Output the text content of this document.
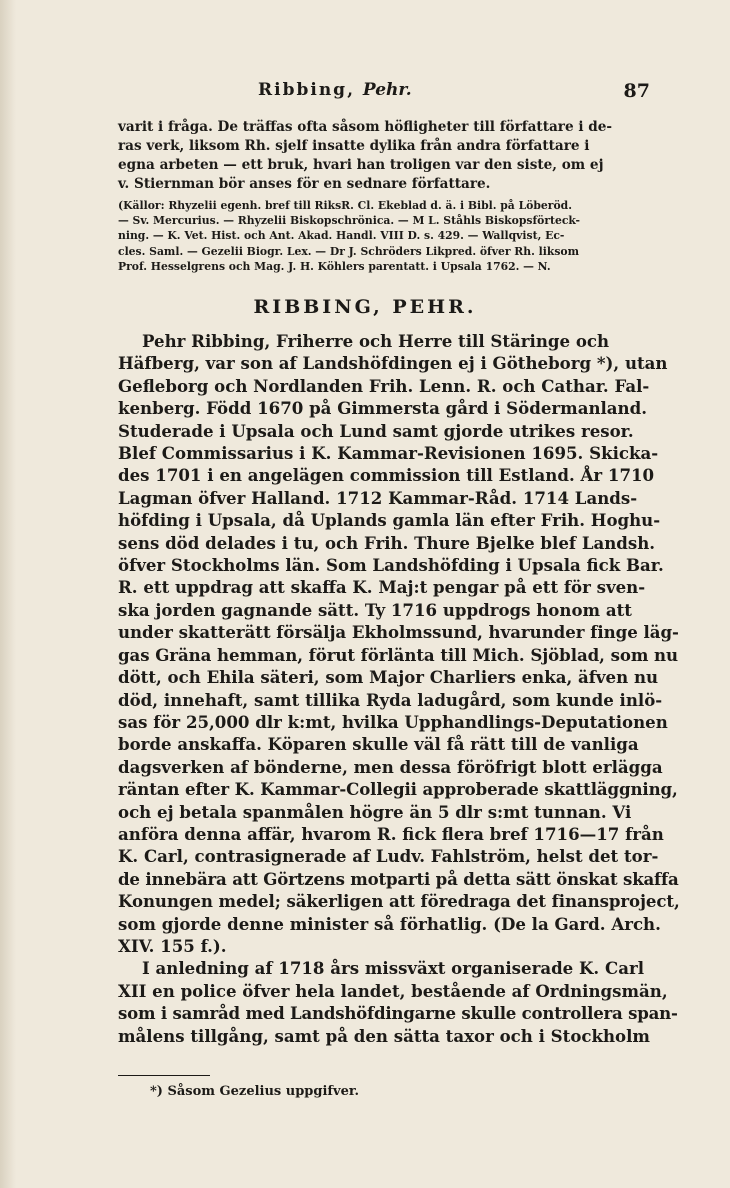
Ribbing, Pehr.	87
varit i fråga. De träffas ofta såsom höfligheter till författare i de-
ras verk, liksom Rh. sjelf insatte dylika från andra författare i
egna arbeten — ett bruk, hvari han troligen var den siste, om ej
v. Stiernman bör anses för en sednare författare.
(Källor: Rhyzelii egenh. bref till RiksR. Cl. Ekeblad d. ä. i Bibl. på Löberöd.
— Sv. Mercurius. — Rhyzelii Biskopschrönica. — M L. Ståhls Biskopsförteck-
ning. — K. Vet. Hist. och Ant. Akad. Handl. VIII D. s. 429. — Wallqvist, Ec-
cles. Saml. — Gezelii Biogr. Lex. — Dr J. Schröders Likpred. öfver Rh. liksom
Prof. Hesselgrens och Mag. J. H. Köhlers parentatt. i Upsala 1762. — N.
RIBBING, PEHR.
Pehr Ribbing, Friherre och Herre till Stäringe och
Häfberg, var son af Landshöfdingen ej i Götheborg *), utan
Gefleborg och Nordlanden Frih. Lenn. R. och Cathar. Fal-
kenberg. Född 1670 på Gimmersta gård i Södermanland.
Studerade i Upsala och Lund samt gjorde utrikes resor.
Blef Commissarius i K. Kammar-Revisionen 1695. Skicka-
des 1701 i en angelägen commission till Estland. År 1710
Lagman öfver Halland. 1712 Kammar-Råd. 1714 Lands-
höfding i Upsala, då Uplands gamla län efter Frih. Hoghu-
sens död delades i tu, och Frih. Thure Bjelke blef Landsh.
öfver Stockholms län. Som Landshöfding i Upsala fick Bar.
R. ett uppdrag att skaffa K. Maj:t pengar på ett för sven-
ska jorden gagnande sätt. Ty 1716 uppdrogs honom att
under skatterätt försälja Ekholmssund, hvarunder finge läg-
gas Gräna hemman, förut förlänta till Mich. Sjöblad, som nu
dött, och Ehila säteri, som Major Charliers enka, äfven nu
död, innehaft, samt tillika Ryda ladugård, som kunde inlö-
sas för 25,000 dlr k:mt, hvilka Upphandlings-Deputationen
borde anskaffa. Köparen skulle väl få rätt till de vanliga
dagsverken af bönderne, men dessa föröfrigt blott erlägga
räntan efter K. Kammar-Collegii approberade skattläggning,
och ej betala spanmålen högre än 5 dlr s:mt tunnan. Vi
anföra denna affär, hvarom R. fick flera bref 1716—17 från
K. Carl, contrasignerade af Ludv. Fahlström, helst det tor-
de innebära att Görtzens motparti på detta sätt önskat skaffa
Konungen medel; säkerligen att föredraga det finansproject,
som gjorde denne minister så förhatlig. (De la Gard. Arch.
XIV. 155 f.).
I anledning af 1718 års missväxt organiserade K. Carl
XII en police öfver hela landet, bestående af Ordningsmän,
som i samråd med Landshöfdingarne skulle controllera span-
målens tillgång, samt på den sätta taxor och i Stockholm
*) Såsom Gezelius uppgifver.
